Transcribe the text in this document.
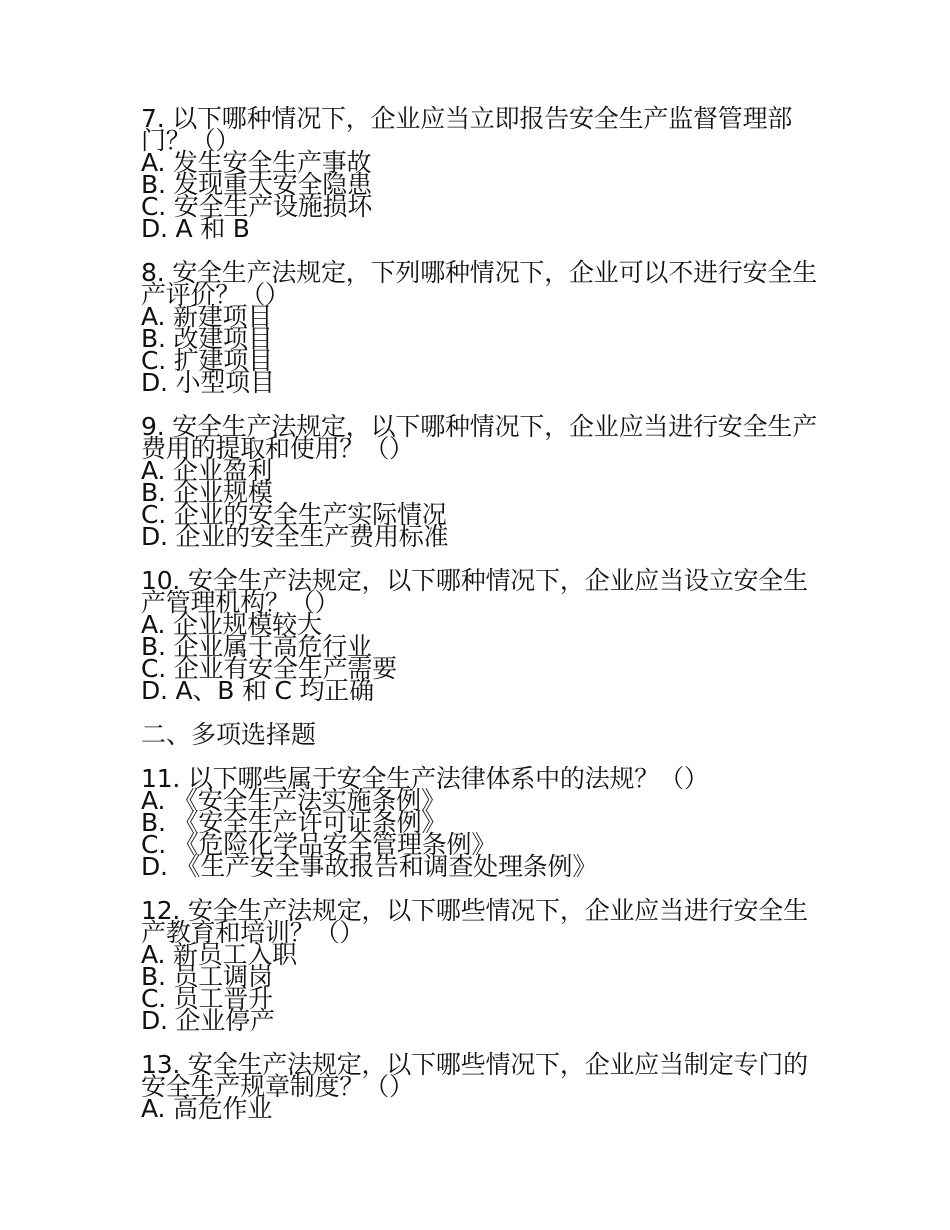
7. 以下哪种情况下，企业应当立即报告安全生产监督管理部门？（）
A. 发生安全生产事故
B. 发现重大安全隐患
C. 安全生产设施损坏
D. A 和 B
8. 安全生产法规定，下列哪种情况下，企业可以不进行安全生产评价？（）
A. 新建项目
B. 改建项目
C. 扩建项目
D. 小型项目
9. 安全生产法规定，以下哪种情况下，企业应当进行安全生产费用的提取和使用？（）
A. 企业盈利
B. 企业规模
C. 企业的安全生产实际情况
D. 企业的安全生产费用标准
10. 安全生产法规定，以下哪种情况下，企业应当设立安全生产管理机构？（）
A. 企业规模较大
B. 企业属于高危行业
C. 企业有安全生产需要
D. A、B 和 C 均正确
二、多项选择题
11. 以下哪些属于安全生产法律体系中的法规？（）
A. 《安全生产法实施条例》
B. 《安全生产许可证条例》
C. 《危险化学品安全管理条例》
D. 《生产安全事故报告和调查处理条例》
12. 安全生产法规定，以下哪些情况下，企业应当进行安全生产教育和培训？（）
A. 新员工入职
B. 员工调岗
C. 员工晋升
D. 企业停产
13. 安全生产法规定，以下哪些情况下，企业应当制定专门的安全生产规章制度？（）
A. 高危作业
